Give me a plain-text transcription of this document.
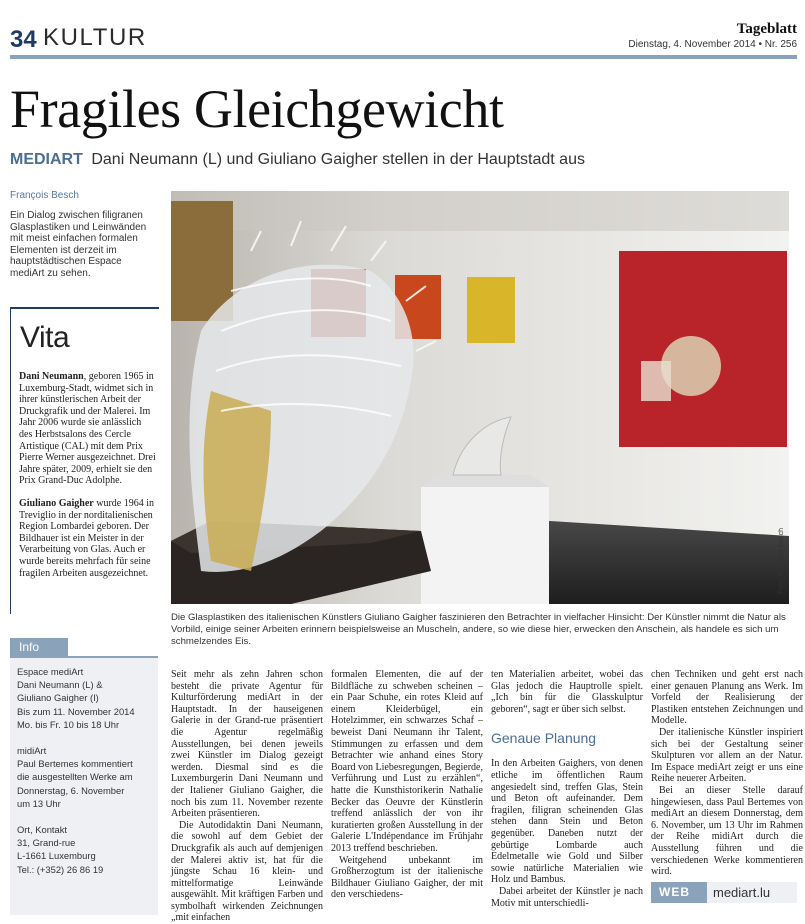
34 KULTUR	Tageblatt
Dienstag, 4. November 2014 • Nr. 256
Fragiles Gleichgewicht
MEDIART Dani Neumann (L) und Giuliano Gaigher stellen in der Hauptstadt aus
François Besch
Ein Dialog zwischen filigranen Glasplastiken und Leinwänden mit meist einfachen formalen Elementen ist derzeit im hauptstädtischen Espace mediArt zu sehen.
Vita

Dani Neumann, geboren 1965 in Luxemburg-Stadt, widmet sich in ihrer künstlerischen Arbeit der Druckgrafik und der Malerei. Im Jahr 2006 wurde sie anlässlich des Herbstsalons des Cercle Artistique (CAL) mit dem Prix Pierre Werner ausgezeichnet. Drei Jahre später, 2009, erhielt sie den Prix Grand-Duc Adolphe.

Giuliano Gaigher wurde 1964 in Treviglio in der norditalienischen Region Lombardei geboren. Der Bildhauer ist ein Meister in der Verarbeitung von Glas. Auch er wurde bereits mehrfach für seine fragilen Arbeiten ausgezeichnet.

Info

Espace mediArt
Dani Neumann (L) &
Giuliano Gaigher (I)
Bis zum 11. November 2014
Mo. bis Fr. 10 bis 18 Uhr

midiArt
Paul Bertemes kommentiert
die ausgestellten Werke am
Donnerstag, 6. November
um 13 Uhr

Ort, Kontakt
31, Grand-rue
L-1661 Luxemburg
Tel.: (+352) 26 86 19

Foto: François Besch
Die Glasplastiken des italienischen Künstlers Giuliano Gaigher faszinieren den Betrachter in vielfacher Hinsicht: Der Künstler nimmt die Natur als Vorbild, einige seiner Arbeiten erinnern beispielsweise an Muscheln, andere, so wie diese hier, erwecken den Anschein, als handele es sich um schmelzendes Eis.

Seit mehr als zehn Jahren schon besteht die private Agentur für Kulturförderung mediArt in der Hauptstadt. In der hauseigenen Galerie in der Grand-rue präsentiert die Agentur regelmäßig Ausstellungen, bei denen jeweils zwei Künstler im Dialog gezeigt werden. Diesmal sind es die Luxemburgerin Dani Neumann und der Italiener Giuliano Gaigher, die noch bis zum 11. November rezente Arbeiten präsentieren.

Die Autodidaktin Dani Neumann, die sowohl auf dem Gebiet der Druckgrafik als auch auf demjenigen der Malerei aktiv ist, hat für die jüngste Schau 16 klein- und mittelformatige Leinwände ausgewählt. Mit kräftigen Farben und symbolhaft wirkenden Zeichnungen „mit einfachen

formalen Elementen, die auf der Bildfläche zu schweben scheinen – ein Paar Schuhe, ein rotes Kleid auf einem Kleiderbügel, ein Hotelzimmer, ein schwarzes Schaf – beweist Dani Neumann ihr Talent, Stimmungen zu erfassen und dem Betrachter wie anhand eines Story Board von Liebesregungen, Begierde, Verführung und Lust zu erzählen“, hatte die Kunsthistorikerin Nathalie Becker das Oeuvre der Künstlerin treffend anlässlich der von ihr kuratierten großen Ausstellung in der Galerie L'Indépendance im Frühjahr 2013 treffend beschrieben.

Weitgehend unbekannt im Großherzogtum ist der italienische Bildhauer Giuliano Gaigher, der mit den verschiedens-

ten Materialien arbeitet, wobei das Glas jedoch die Hauptrolle spielt. „Ich bin für die Glasskulptur geboren“, sagt er über sich selbst.

Genaue Planung

In den Arbeiten Gaighers, von denen etliche im öffentlichen Raum angesiedelt sind, treffen Glas, Stein und Beton oft aufeinander. Dem fragilen, filigran scheinenden Glas stehen dann Stein und Beton gegenüber. Daneben nutzt der gebürtige Lombarde auch Edelmetalle wie Gold und Silber sowie natürliche Materialien wie Holz und Bambus.

Dabei arbeitet der Künstler je nach Motiv mit unterschiedli-

chen Techniken und geht erst nach einer genauen Planung ans Werk. Im Vorfeld der Realisierung der Plastiken entstehen Zeichnungen und Modelle.

Der italienische Künstler inspiriert sich bei der Gestaltung seiner Skulpturen vor allem an der Natur. Im Espace mediArt zeigt er uns eine Reihe neuerer Arbeiten.

Bei an dieser Stelle darauf hingewiesen, dass Paul Bertemes von mediArt an diesem Donnerstag, dem 6. November, um 13 Uhr im Rahmen der Reihe midiArt durch die Ausstellung führen und die verschiedenen Werke kommentieren wird.

WEB	mediart.lu
